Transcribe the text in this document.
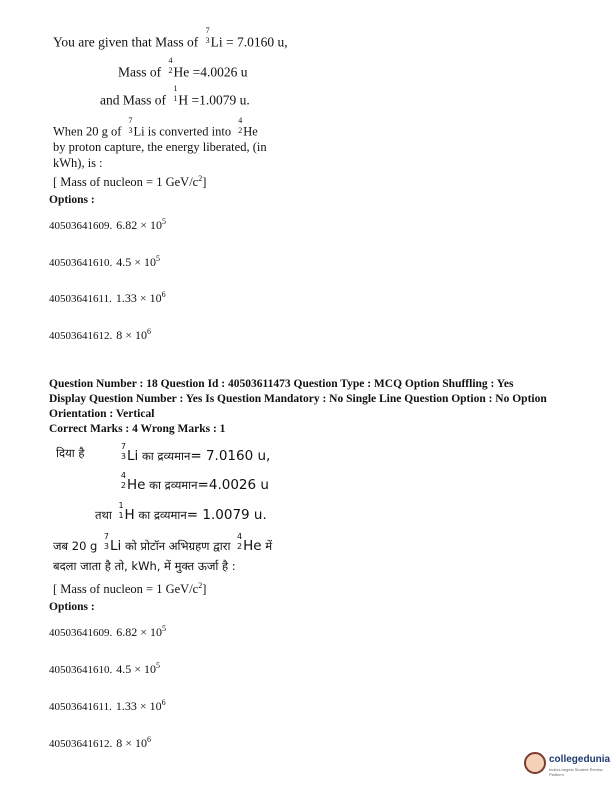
You are given that Mass of
7
3 Li = 7.0160 u,
Mass of
4
2 He =4.0026 u
and Mass of
1
1 H =1.0079 u.
When 20 g of
7
3 Li is converted into
4
2 He
by proton capture, the energy liberated, (in
kWh), is :
[ Mass of nucleon = 1 GeV/$c^2$]
Options :
40503641609. $6.82 \times 10^5$
40503641610. $4.5 \times 10^5$
40503641611. $1.33 \times 10^6$
40503641612. $8 \times 10^6$
Question Number : 18 Question Id : 40503611473 Question Type : MCQ Option Shuffling : Yes
Display Question Number : Yes Is Question Mandatory : No Single Line Question Option : No Option
Orientation : Vertical
Correct Marks : 4 Wrong Marks : 1
दिया है	7
3 Li का द्रव्यमान= 7.0160 u,
4
2 He का द्रव्यमान=4.0026 u
तथा
1
1 H का द्रव्यमान= 1.0079 u.
जब 20 g
7
3 Li को प्रोटॉन अभिग्रहण द्वारा
4
2 He में
बदला जाता है तो, kWh, में मुक्त ऊर्जा है :
[ Mass of nucleon = 1 GeV/$c^2$]
Options :
40503641609. $6.82 \times 10^5$
40503641610. $4.5 \times 10^5$
40503641611. $1.33 \times 10^6$
40503641612. $8 \times 10^6$
collegedunia
India's largest Student Review Platform
